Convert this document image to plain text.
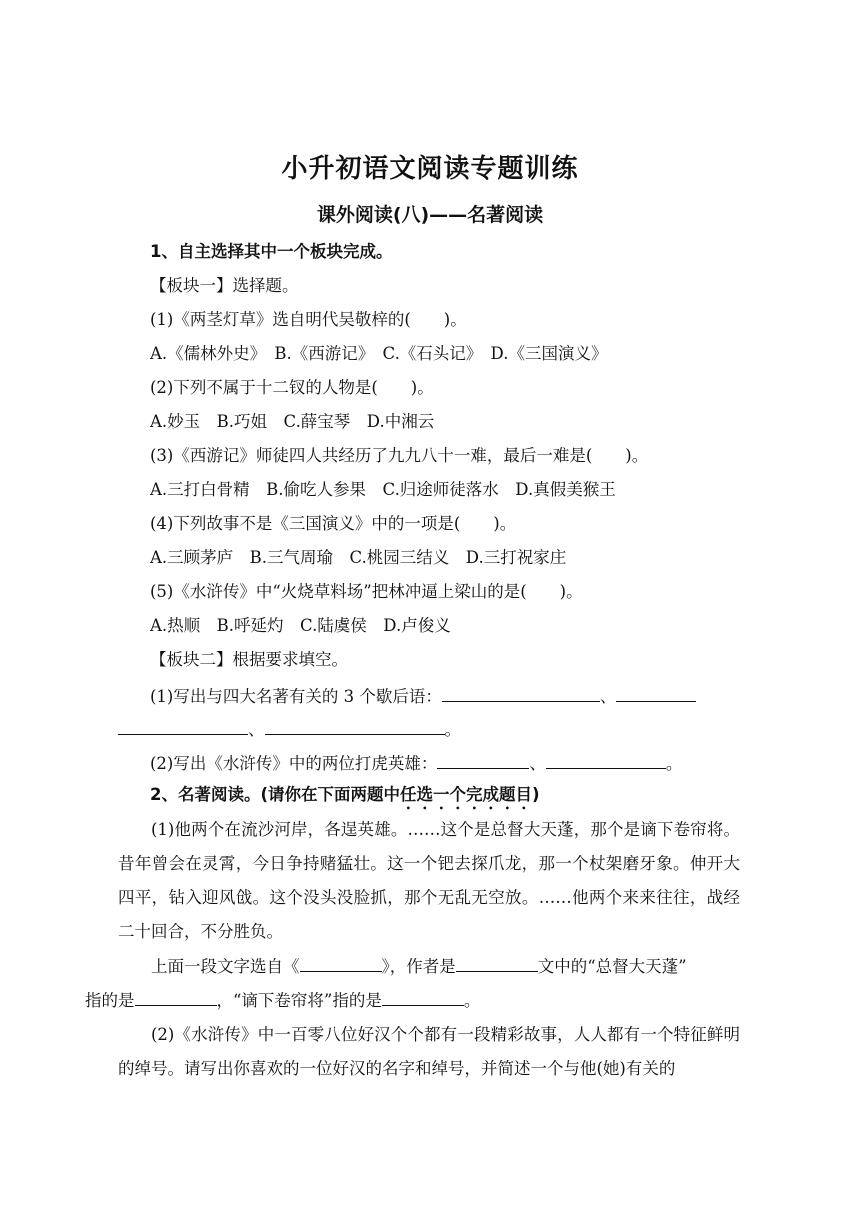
小升初语文阅读专题训练
课外阅读(八)——名著阅读
1、自主选择其中一个板块完成。
【板块一】选择题。
(1)《两茎灯草》选自明代吴敬梓的(　　)。
A.《儒林外史》　B.《西游记》　C.《石头记》　D.《三国演义》
(2)下列不属于十二钗的人物是(　　)。
A.妙玉　B.巧姐　C.薛宝琴　D.中湘云
(3)《西游记》师徒四人共经历了九九八十一难，最后一难是(　　)。
A.三打白骨精　B.偷吃人参果　C.归途师徒落水　D.真假美猴王
(4)下列故事不是《三国演义》中的一项是(　　)。
A.三顾茅庐　B.三气周瑜　C.桃园三结义　D.三打祝家庄
(5)《水浒传》中“火烧草料场”把林冲逼上梁山的是(　　)。
A.热顺　B.呼延灼　C.陆虞侯　D.卢俊义
【板块二】根据要求填空。
(1)写出与四大名著有关的 3 个歇后语：	、
、	。
(2)写出《水浒传》中的两位打虎英雄：	、	。
2、名著阅读。(请你在下面两题中任选一个完成题目)
(1)他两个在流沙河岸，各逞英雄。……这个是总督大天蓬，那个是谪下卷帘将。昔年曾会在灵霄，今日争持赌猛壮。这一个钯去探爪龙，那一个杖架磨牙象。伸开大四平，钻入迎风戗。这个没头没脸抓，那个无乱无空放。……他两个来来往往，战经二十回合，不分胜负。
上面一段文字选自《	》，作者是	文中的“总督大天蓬”
指的是	，“谪下卷帘将”指的是	。
(2)《水浒传》中一百零八位好汉个个都有一段精彩故事，人人都有一个特征鲜明的绰号。请写出你喜欢的一位好汉的名字和绰号，并简述一个与他(她)有关的
